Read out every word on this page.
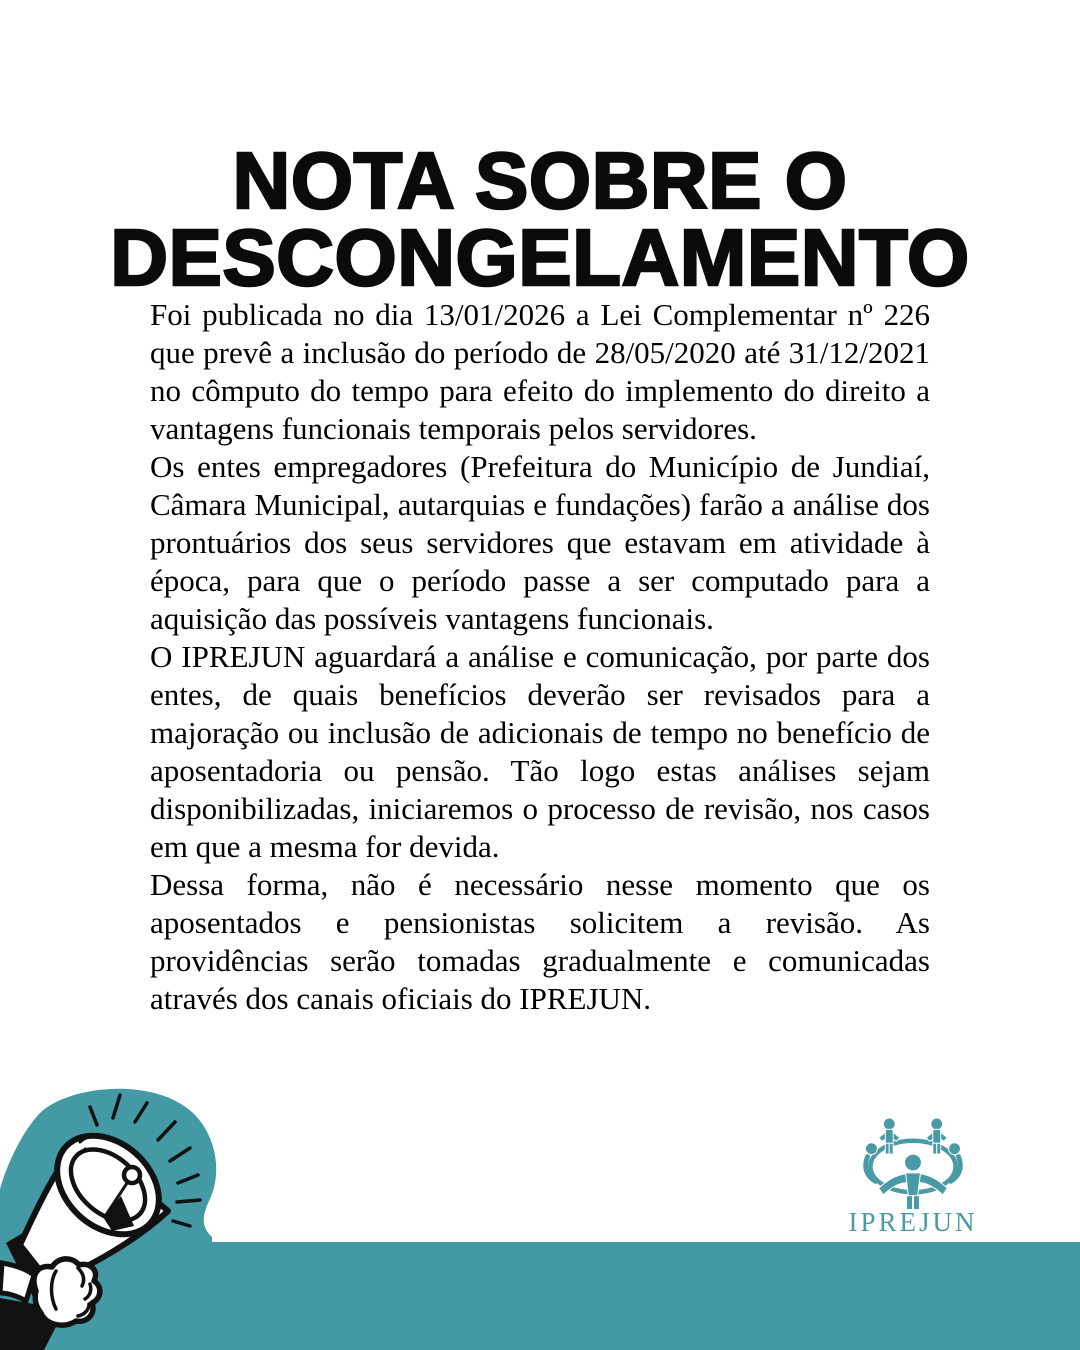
NOTA SOBRE O
DESCONGELAMENTO

Foi publicada no dia 13/01/2026 a Lei Complementar nº 226 que prevê a inclusão do período de 28/05/2020 até 31/12/2021 no cômputo do tempo para efeito do implemento do direito a vantagens funcionais temporais pelos servidores.

Os entes empregadores (Prefeitura do Município de Jundiaí, Câmara Municipal, autarquias e fundações) farão a análise dos prontuários dos seus servidores que estavam em atividade à época, para que o período passe a ser computado para a aquisição das possíveis vantagens funcionais.

O IPREJUN aguardará a análise e comunicação, por parte dos entes, de quais benefícios deverão ser revisados para a majoração ou inclusão de adicionais de tempo no benefício de aposentadoria ou pensão. Tão logo estas análises sejam disponibilizadas, iniciaremos o processo de revisão, nos casos em que a mesma for devida.

Dessa forma, não é necessário nesse momento que os aposentados e pensionistas solicitem a revisão. As providências serão tomadas gradualmente e comunicadas através dos canais oficiais do IPREJUN.

IPREJUN
